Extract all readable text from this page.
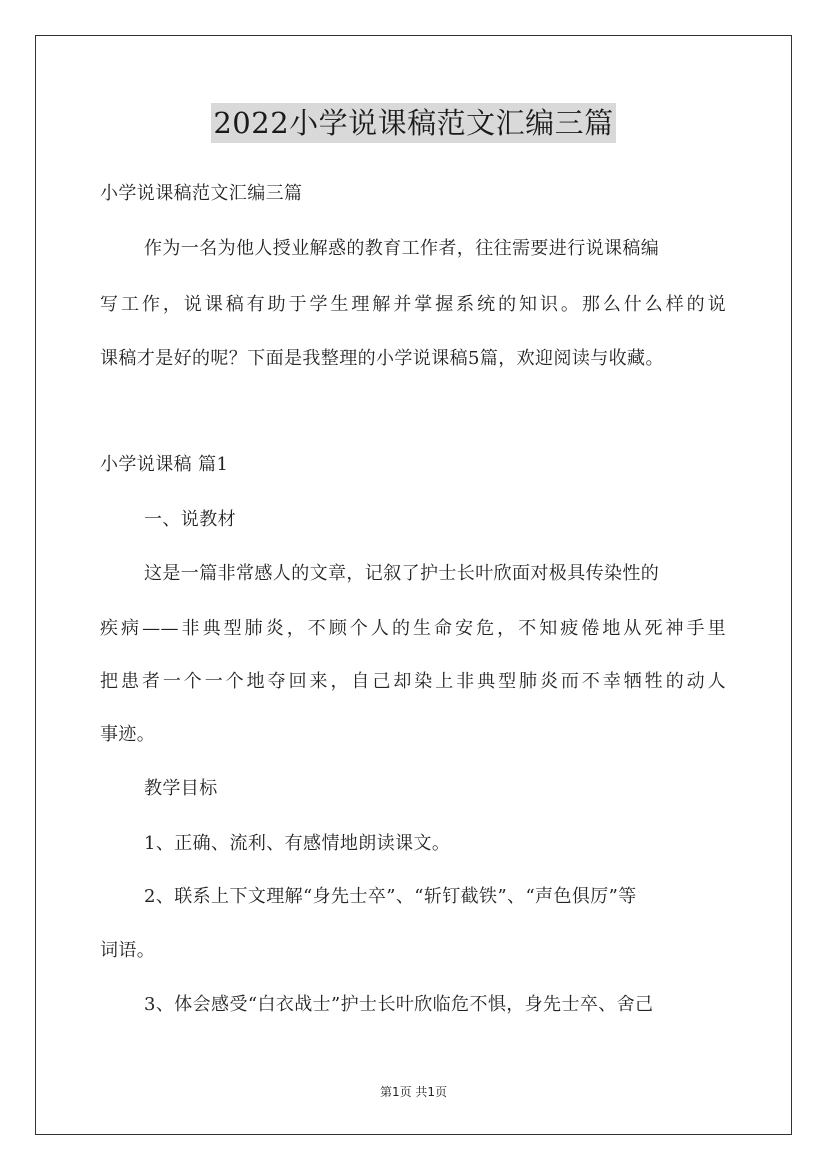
2022小学说课稿范文汇编三篇
小学说课稿范文汇编三篇
作为一名为他人授业解惑的教育工作者，往往需要进行说课稿编
写工作，说课稿有助于学生理解并掌握系统的知识。那么什么样的说
课稿才是好的呢？下面是我整理的小学说课稿5篇，欢迎阅读与收藏。
小学说课稿 篇1
一、说教材
这是一篇非常感人的文章，记叙了护士长叶欣面对极具传染性的
疾病——非典型肺炎，不顾个人的生命安危，不知疲倦地从死神手里
把患者一个一个地夺回来，自己却染上非典型肺炎而不幸牺牲的动人
事迹。
教学目标
1、正确、流利、有感情地朗读课文。
2、联系上下文理解“身先士卒”、“斩钉截铁”、“声色俱厉”等
词语。
3、体会感受“白衣战士”护士长叶欣临危不惧，身先士卒、舍己
第1页 共1页
